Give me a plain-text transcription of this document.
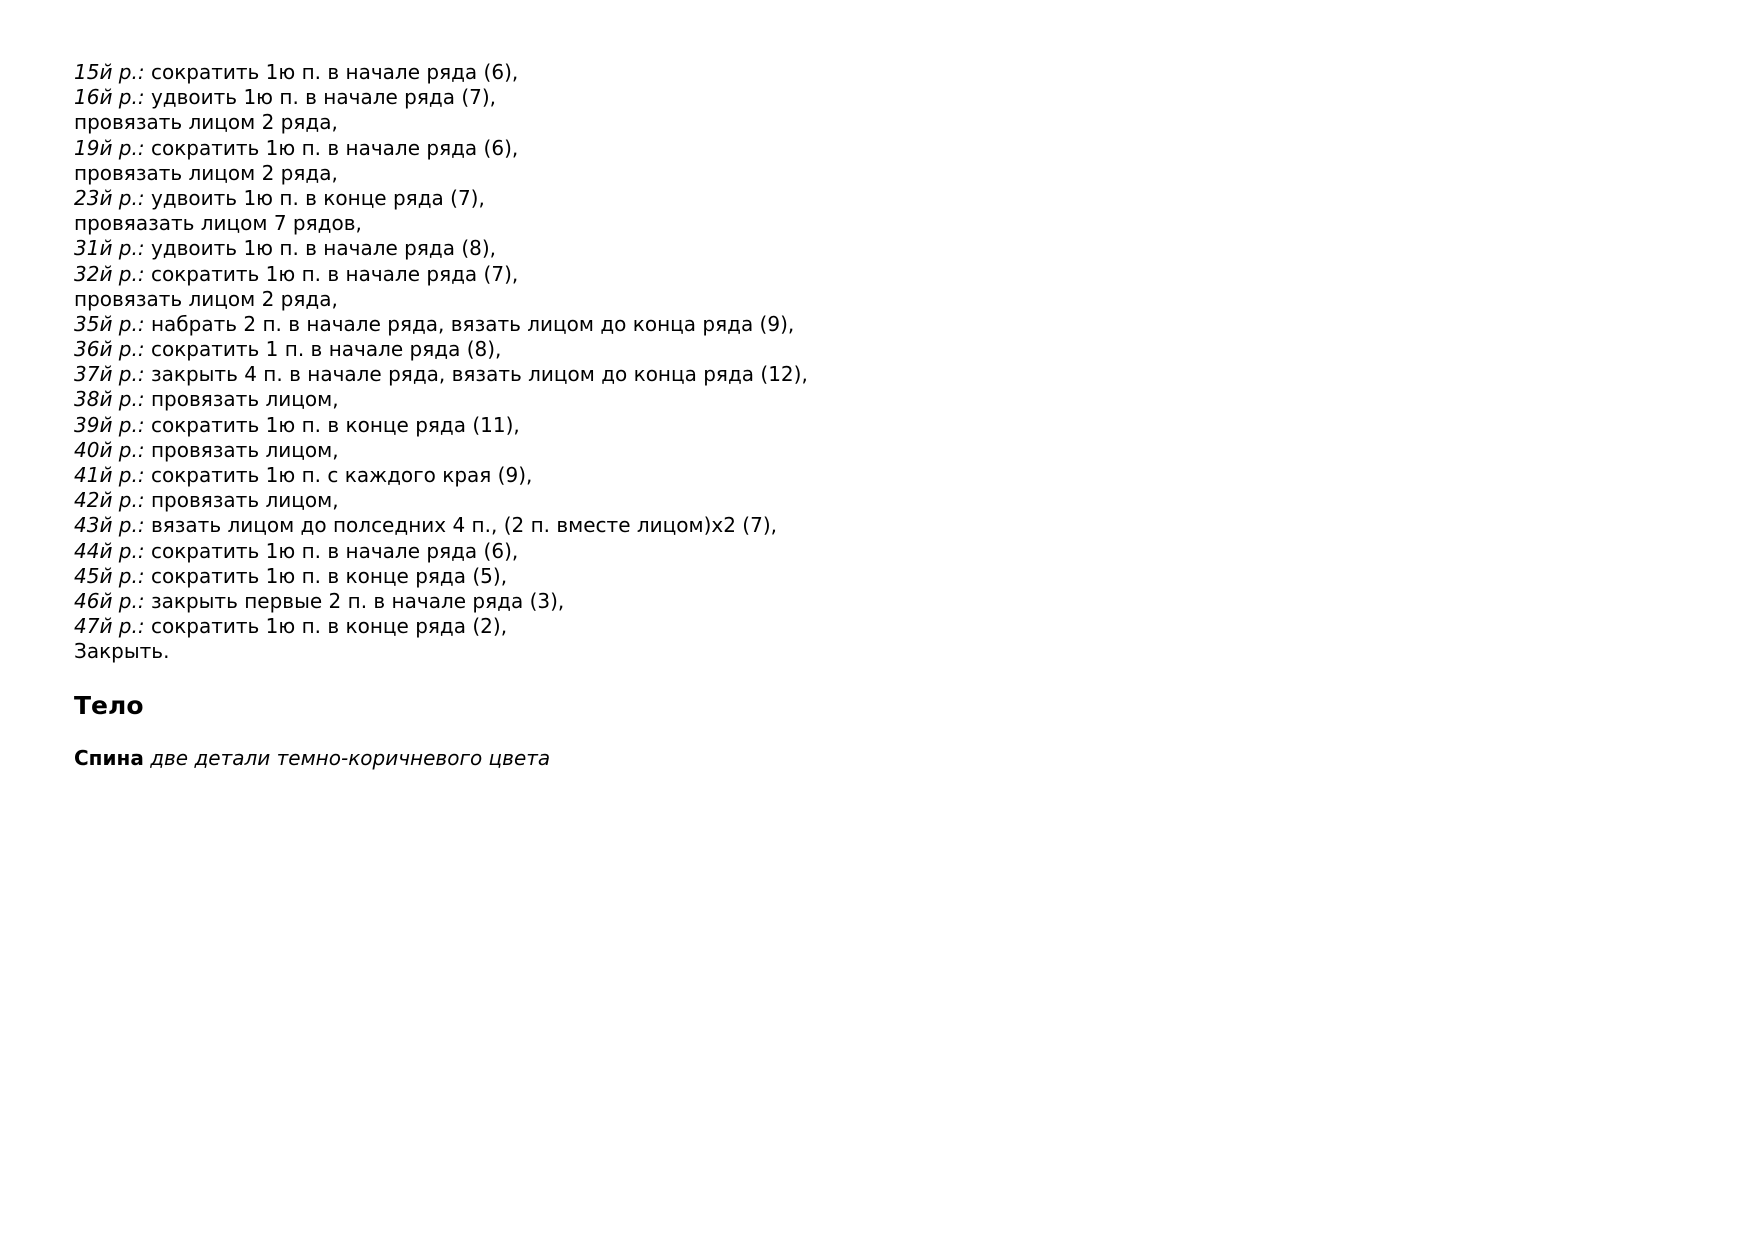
15й р.: сократить 1ю п. в начале ряда (6),
16й р.: удвоить 1ю п. в начале ряда (7),
провязать лицом 2 ряда,
19й р.: сократить 1ю п. в начале ряда (6),
провязать лицом 2 ряда,
23й р.: удвоить 1ю п. в конце ряда (7),
провяазать лицом 7 рядов,
31й р.: удвоить 1ю п. в начале ряда (8),
32й р.: сократить 1ю п. в начале ряда (7),
провязать лицом 2 ряда,
35й р.: набрать 2 п. в начале ряда, вязать лицом до конца ряда (9),
36й р.: сократить 1 п. в начале ряда (8),
37й р.: закрыть 4 п. в начале ряда, вязать лицом до конца ряда (12),
38й р.: провязать лицом,
39й р.: сократить 1ю п. в конце ряда (11),
40й р.: провязать лицом,
41й р.: сократить 1ю п. с каждого края (9),
42й р.: провязать лицом,
43й р.: вязать лицом до полседних 4 п., (2 п. вместе лицом)х2 (7),
44й р.: сократить 1ю п. в начале ряда (6),
45й р.: сократить 1ю п. в конце ряда (5),
46й р.: закрыть первые 2 п. в начале ряда (3),
47й р.: сократить 1ю п. в конце ряда (2),
Закрыть.
Тело

Спина две детали темно-коричневого цвета
